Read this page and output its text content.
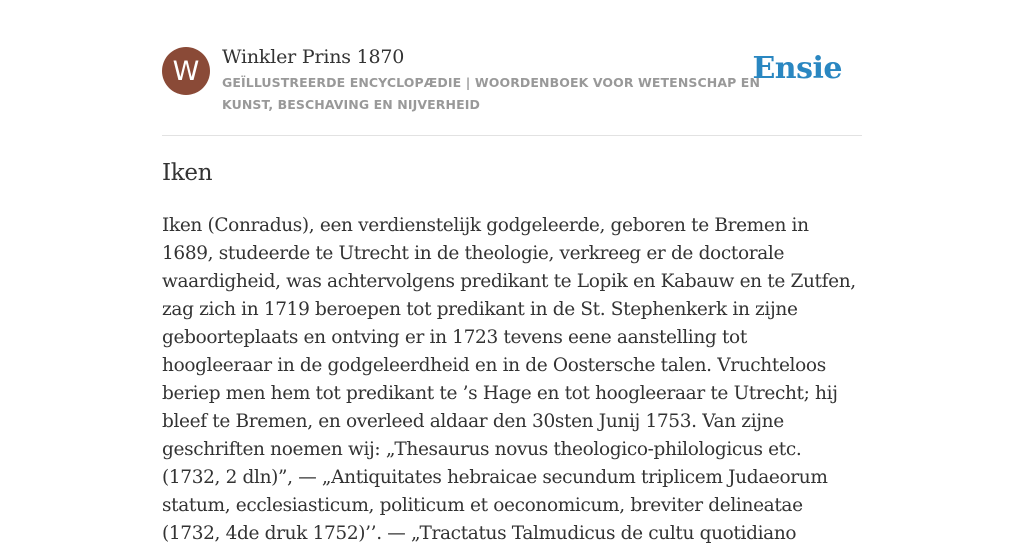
W	Winkler Prins 1870
GEÏLLUSTREERDE ENCYCLOPÆDIE | WOORDENBOEK VOOR WETENSCHAP EN KUNST, BESCHAVING EN NIJVERHEID
Ensie
Iken

Iken (Conradus), een verdienstelijk godgeleerde, geboren te Bremen in 1689, studeerde te Utrecht in de theologie, verkreeg er de doctorale waardigheid, was achtervolgens predikant te Lopik en Kabauw en te Zutfen, zag zich in 1719 beroepen tot predikant in de St. Stephenkerk in zijne geboorteplaats en ontving er in 1723 tevens eene aanstelling tot hoogleeraar in de godgeleerdheid en in de Oostersche talen. Vruchteloos beriep men hem tot predikant te ’s Hage en tot hoogleeraar te Utrecht; hij bleef te Bremen, en overleed aldaar den 30sten Junij 1753. Van zijne geschriften noemen wij: „Thesaurus novus theologico-philologicus etc. (1732, 2 dln)”, — „Antiquitates hebraicae secundum triplicem Judaeorum statum, ecclesiasticum, politicum et oeconomicum, breviter delineatae (1732, 4de druk 1752)’’. — „Tractatus Talmudicus de cultu quotidiano
